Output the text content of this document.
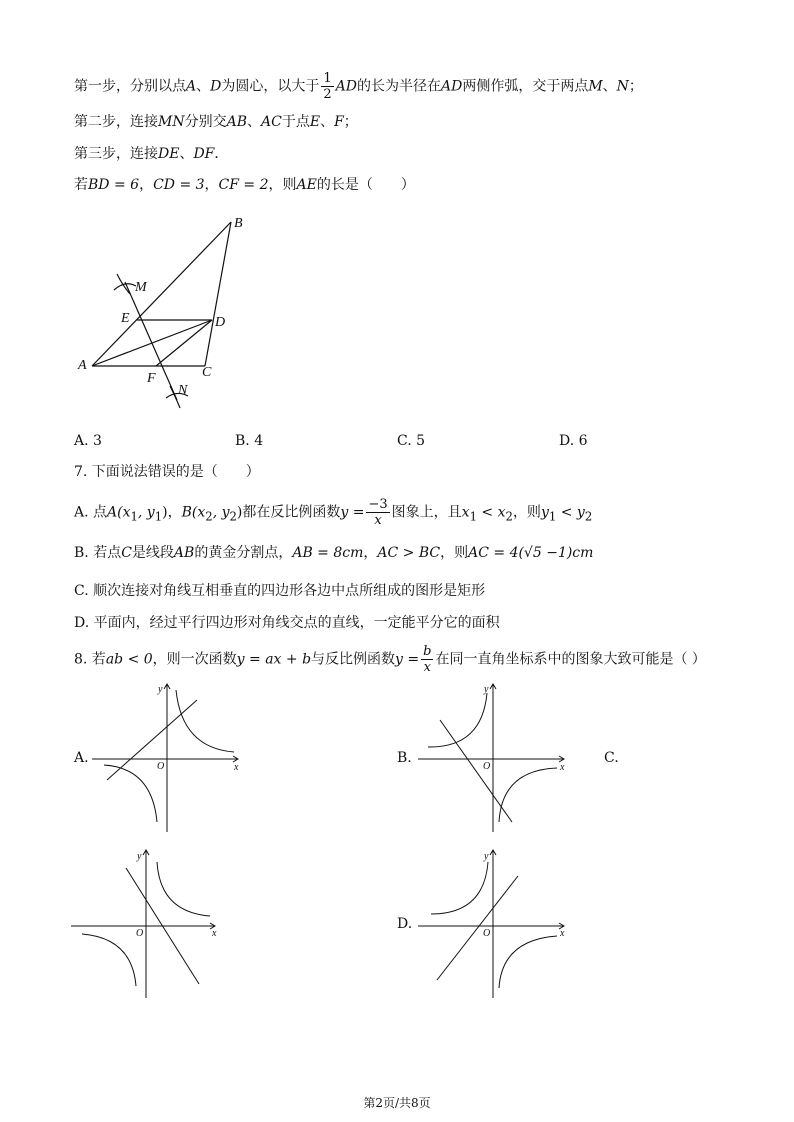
第一步，分别以点A、D为圆心，以大于 $\frac{1}{2}$ AD的长为半径在AD两侧作弧，交于两点M、N；
第二步，连接MN分别交AB、AC于点E、F；
第三步，连接DE、DF．
若BD = 6，CD = 3，CF = 2，则AE的长是（　　）
B
M
E	D
A
F	C
N
A. 3	B. 4	C. 5	D. 6
7. 下面说法错误的是（　　）
A. 点$A(x_1$, $y_1$)，$B(x_2$, $y_2$)都在反比例函数$y = \frac{-3}{x}$ 图象上，且$x_1 < x_2$，则$y_1 < y_2$
B. 若点C是线段AB的黄金分割点，AB = 8cm，AC > BC，则AC = 4(√5 −1)cm
C. 顺次连接对角线互相垂直的四边形各边中点所组成的图形是矩形
D. 平面内，经过平行四边形对角线交点的直线，一定能平分它的面积
8. 若ab < 0，则一次函数y = ax + b与反比例函数$y = \frac{b}{x}$ 在同一直角坐标系中的图象大致可能是（ ）
A.	B.	C.
D.
x
y
O	x
y
O
x
y
O	x
y
O
第2页/共8页
